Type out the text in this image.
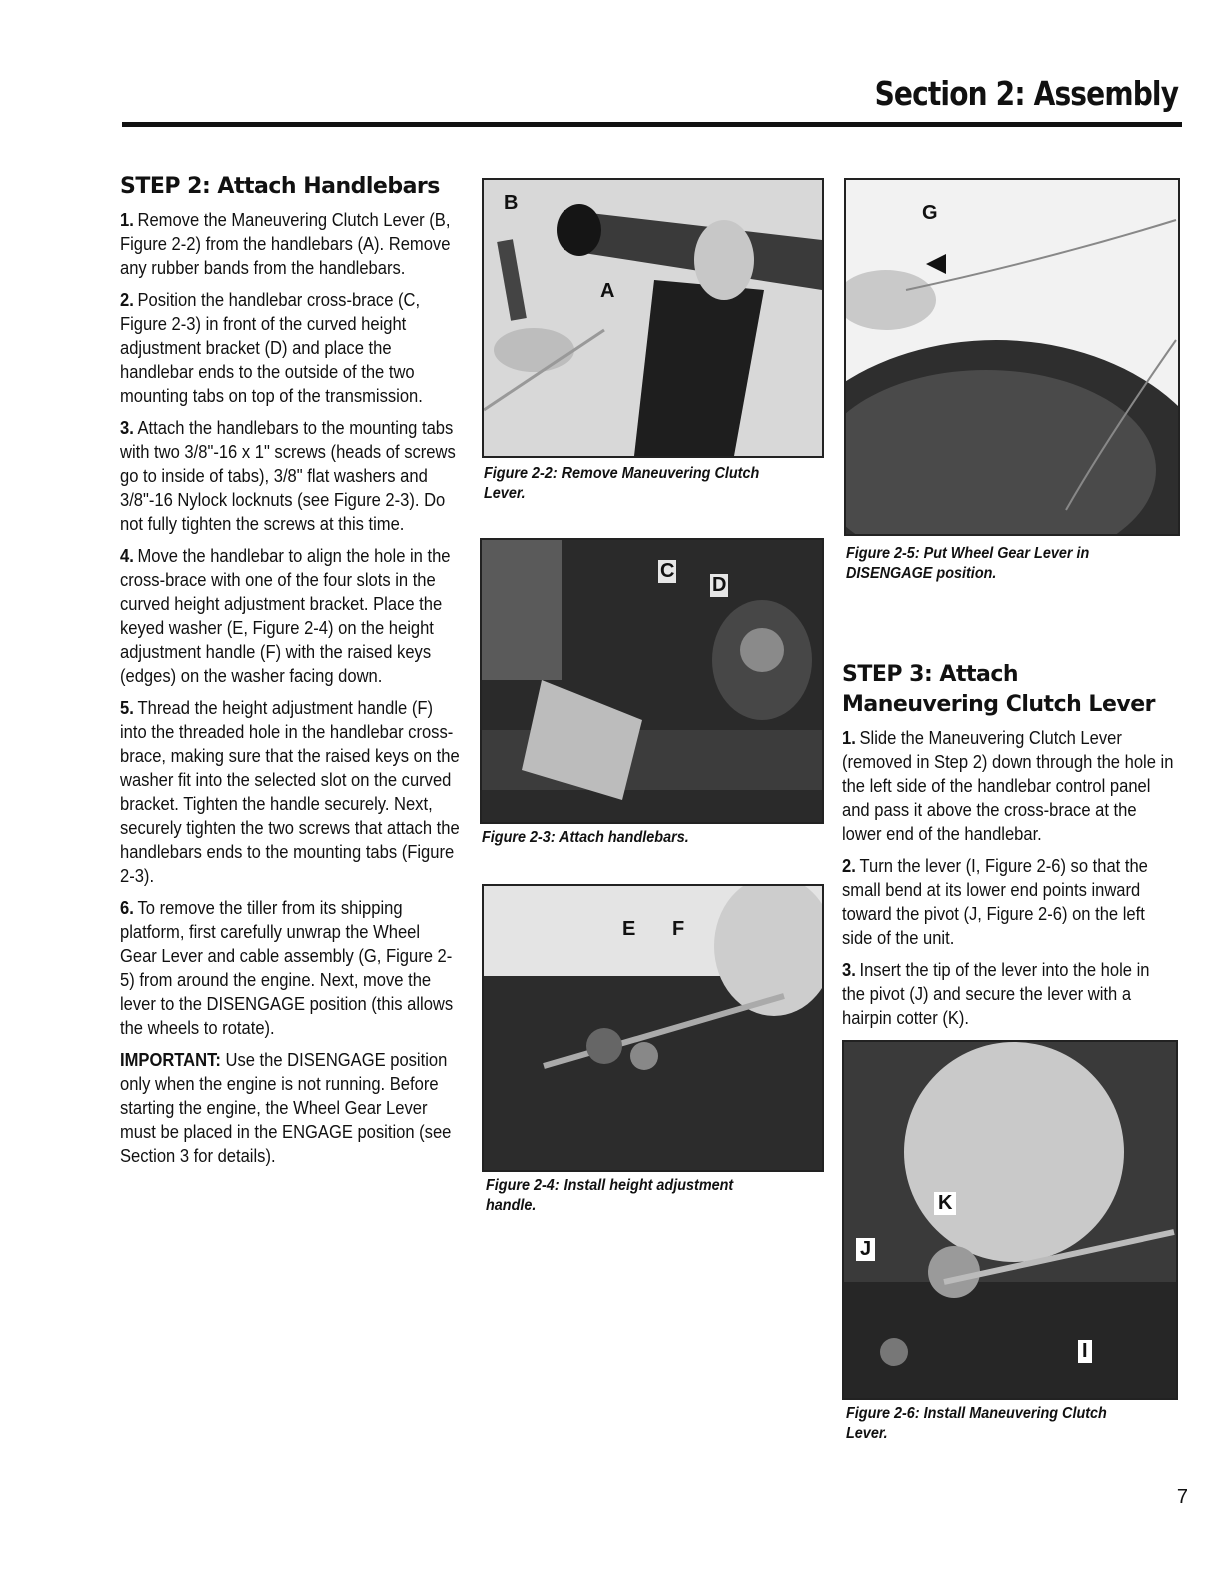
Section 2: Assembly
STEP 2: Attach Handlebars

1. Remove the Maneuvering Clutch Lever (B, Figure 2-2) from the handlebars (A). Remove any rubber bands from the handlebars.

2. Position the handlebar cross-brace (C, Figure 2-3) in front of the curved height adjustment bracket (D) and place the handlebar ends to the outside of the two mounting tabs on top of the transmission.

3. Attach the handlebars to the mounting tabs with two 3/8"-16 x 1" screws (heads of screws go to inside of tabs), 3/8" flat washers and 3/8"-16 Nylock locknuts (see Figure 2-3). Do not fully tighten the screws at this time.

4. Move the handlebar to align the hole in the cross-brace with one of the four slots in the curved height adjustment bracket. Place the keyed washer (E, Figure 2-4) on the height adjustment handle (F) with the raised keys (edges) on the washer facing down.

5. Thread the height adjustment handle (F) into the threaded hole in the handlebar cross-brace, making sure that the raised keys on the washer fit into the selected slot on the curved bracket. Tighten the handle securely. Next, securely tighten the two screws that attach the handlebars ends to the mounting tabs (Figure 2-3).

6. To remove the tiller from its shipping platform, first carefully unwrap the Wheel Gear Lever and cable assembly (G, Figure 2-5) from around the engine. Next, move the lever to the DISENGAGE position (this allows the wheels to rotate).

IMPORTANT: Use the DISENGAGE position only when the engine is not running. Before starting the engine, the Wheel Gear Lever must be placed in the ENGAGE position (see Section 3 for details).

B
A
Figure 2-2: Remove Maneuvering Clutch Lever.
C
D
Figure 2-3: Attach handlebars.
E F
Figure 2-4: Install height adjustment handle.
G
Figure 2-5: Put Wheel Gear Lever in DISENGAGE position.
STEP 3: Attach Maneuvering Clutch Lever

1. Slide the Maneuvering Clutch Lever (removed in Step 2) down through the hole in the left side of the handlebar control panel and pass it above the cross-brace at the lower end of the handlebar.

2. Turn the lever (I, Figure 2-6) so that the small bend at its lower end points inward toward the pivot (J, Figure 2-6) on the left side of the unit.

3. Insert the tip of the lever into the hole in the pivot (J) and secure the lever with a hairpin cotter (K).

K
J
I
Figure 2-6: Install Maneuvering Clutch Lever.
7
